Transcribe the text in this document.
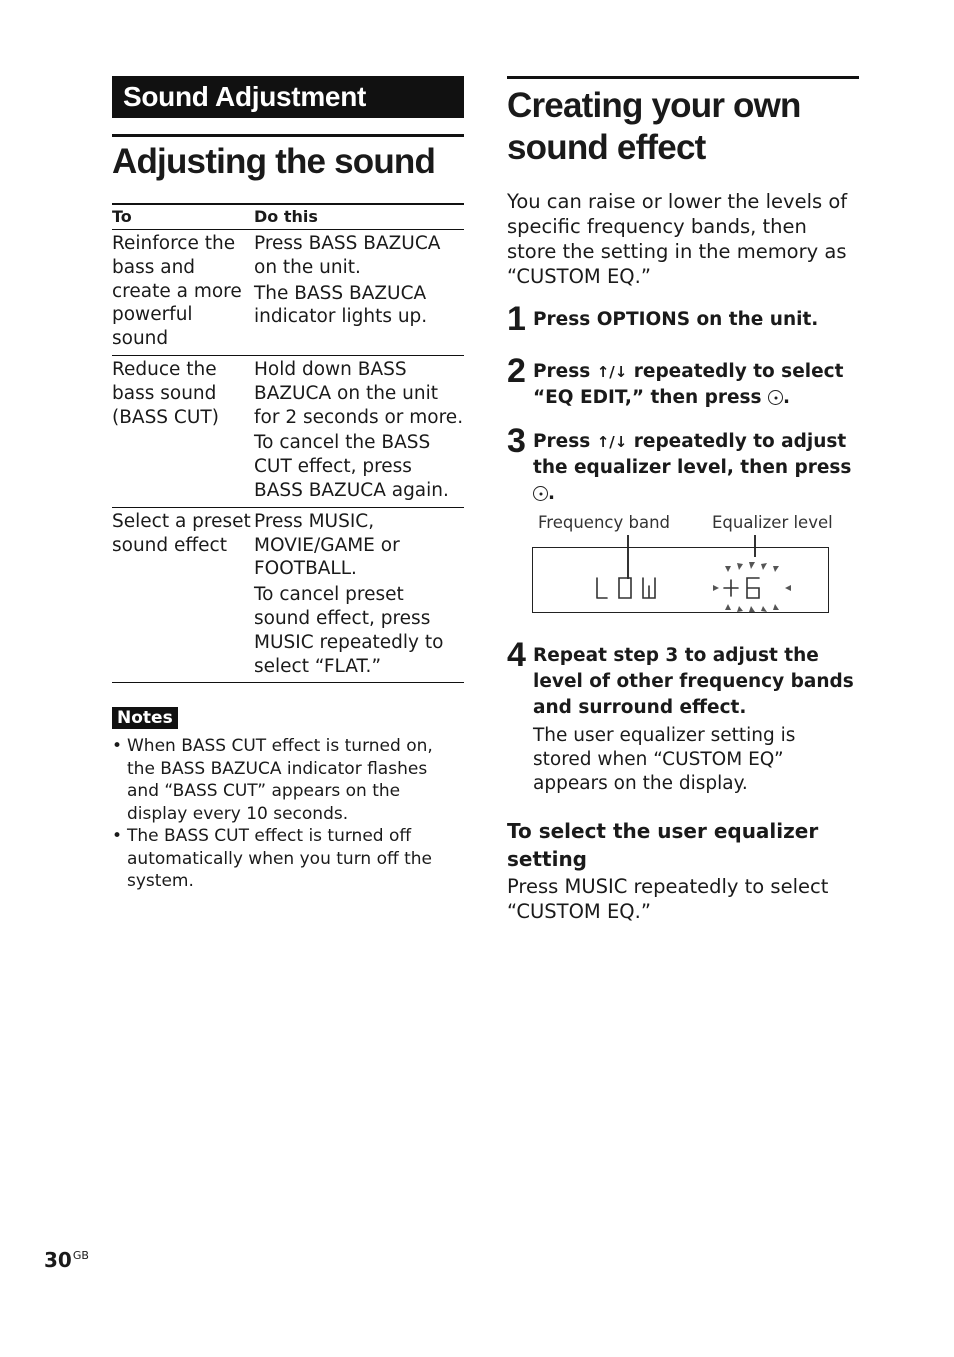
Sound Adjustment
Adjusting the sound
To	Do this
Reinforce the bass and create a more powerful sound	Press BASS BAZUCA on the unit.

The BASS BAZUCA indicator lights up.

Reduce the bass sound (BASS CUT)	Hold down BASS BAZUCA on the unit for 2 seconds or more.

To cancel the BASS CUT effect, press BASS BAZUCA again.

Select a preset sound effect	Press MUSIC, MOVIE/GAME or FOOTBALL.

To cancel preset sound effect, press MUSIC repeatedly to select “FLAT.”

Notes
• When BASS CUT effect is turned on, the BASS BAZUCA indicator flashes and “BASS CUT” appears on the display every 10 seconds.
• The BASS CUT effect is turned off automatically when you turn off the system.
Creating your own
sound effect
You can raise or lower the levels of specific frequency bands, then store the setting in the memory as “CUSTOM EQ.”
1 Press OPTIONS on the unit.
2 Press ↑/↓ repeatedly to select “EQ EDIT,” then press .
3 Press ↑/↓ repeatedly to adjust the equalizer level, then press
.
Frequency band	Equalizer level
4 Repeat step 3 to adjust the level of other frequency bands and surround effect.
The user equalizer setting is stored when “CUSTOM EQ” appears on the display.
To select the user equalizer setting
Press MUSIC repeatedly to select “CUSTOM EQ.”
$30^{GB}$
